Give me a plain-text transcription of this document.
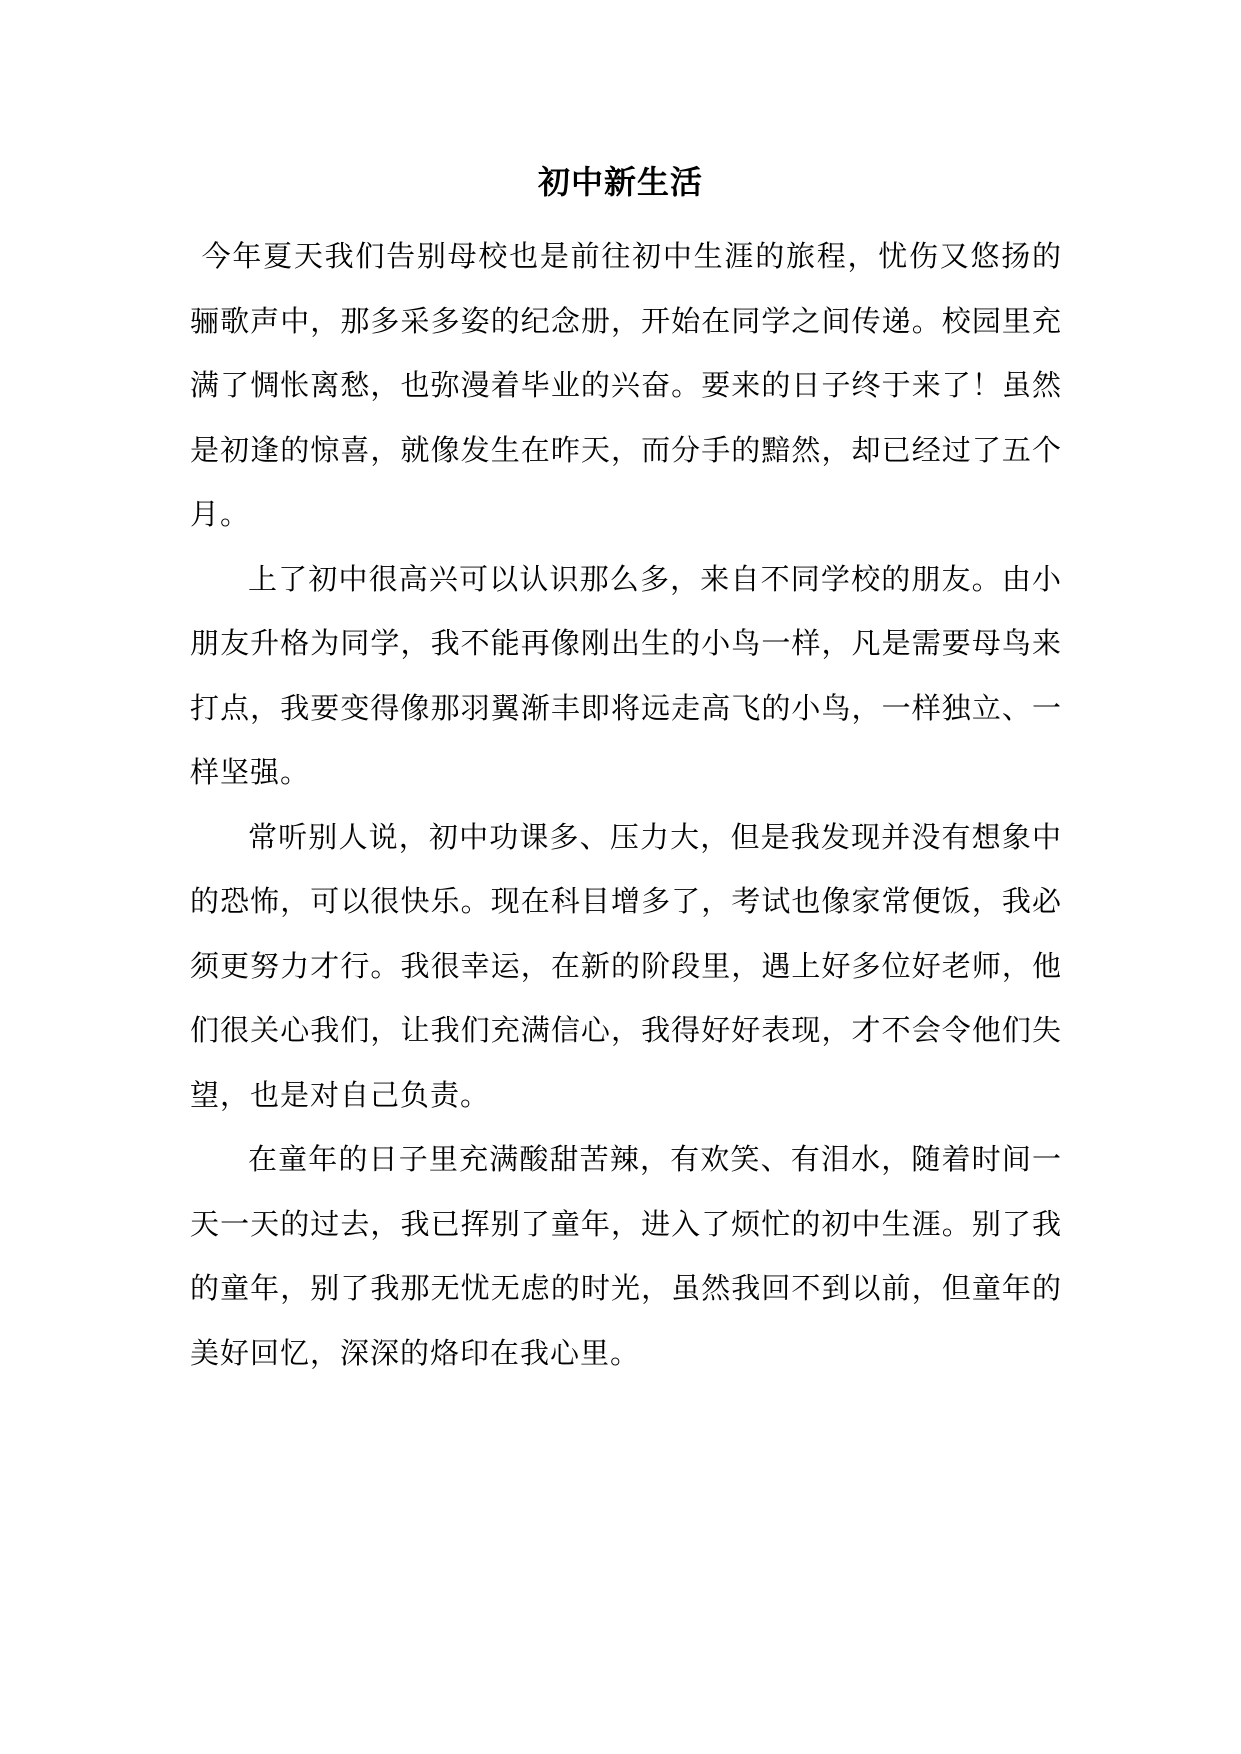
初中新生活

今年夏天我们告别母校也是前往初中生涯的旅程，忧伤又悠扬的骊歌声中，那多采多姿的纪念册，开始在同学之间传递。校园里充满了惆怅离愁，也弥漫着毕业的兴奋。要来的日子终于来了！虽然是初逢的惊喜，就像发生在昨天，而分手的黯然，却已经过了五个月。

上了初中很高兴可以认识那么多，来自不同学校的朋友。由小朋友升格为同学，我不能再像刚出生的小鸟一样，凡是需要母鸟来打点，我要变得像那羽翼渐丰即将远走高飞的小鸟，一样独立、一样坚强。

常听别人说，初中功课多、压力大，但是我发现并没有想象中的恐怖，可以很快乐。现在科目增多了，考试也像家常便饭，我必须更努力才行。我很幸运，在新的阶段里，遇上好多位好老师，他们很关心我们，让我们充满信心，我得好好表现，才不会令他们失望，也是对自己负责。

在童年的日子里充满酸甜苦辣，有欢笑、有泪水，随着时间一天一天的过去，我已挥别了童年，进入了烦忙的初中生涯。别了我的童年，别了我那无忧无虑的时光，虽然我回不到以前，但童年的美好回忆，深深的烙印在我心里。
